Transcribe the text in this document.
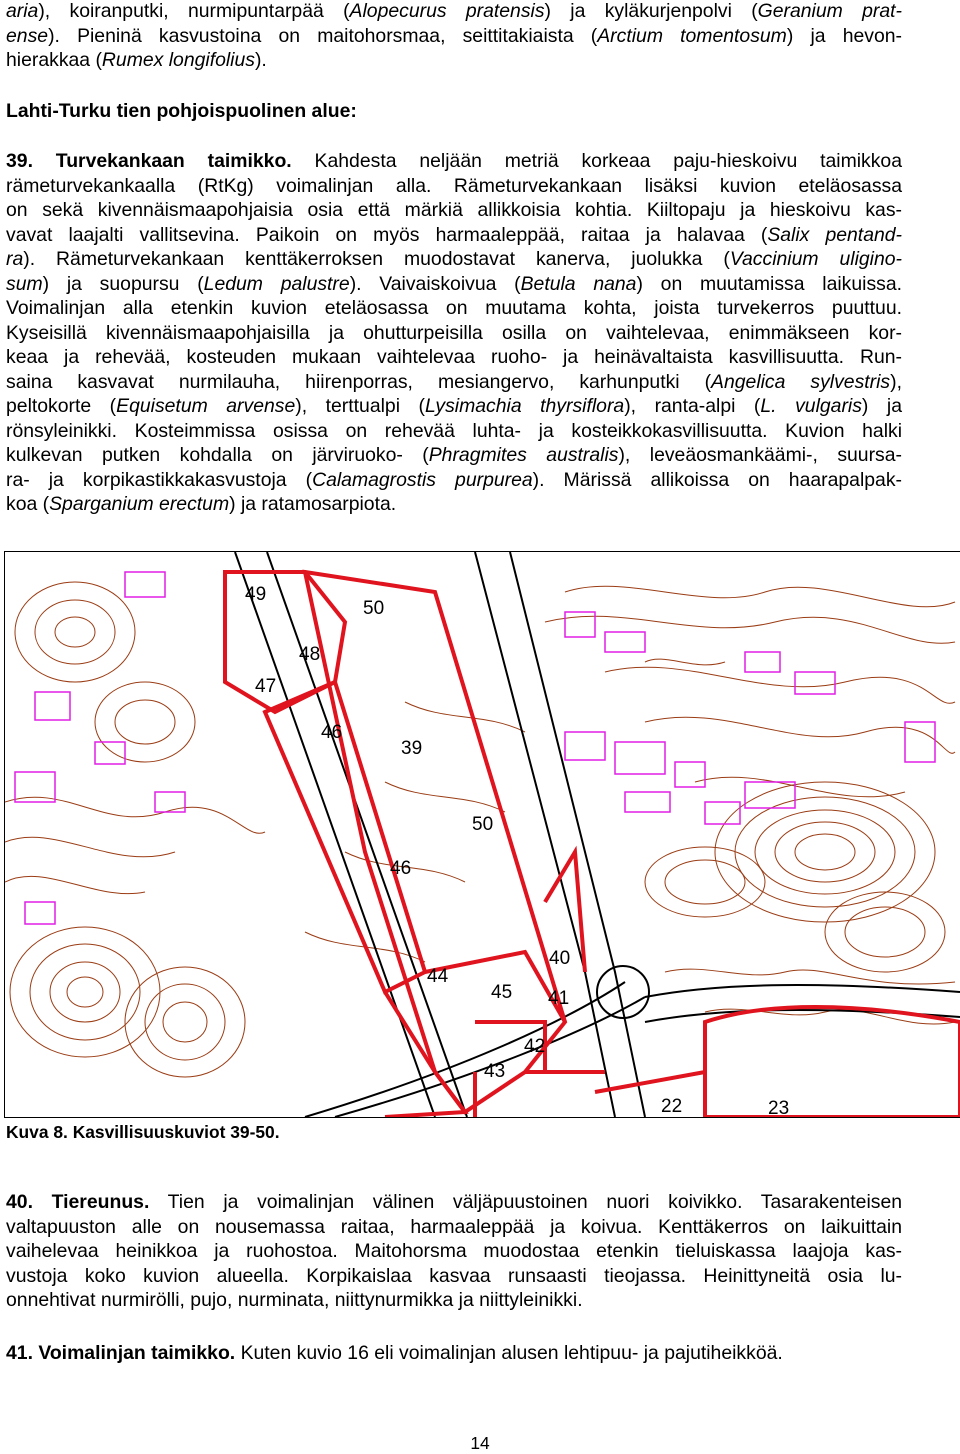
aria), koiranputki, nurmipuntarpää (Alopecurus pratensis) ja kyläkurjenpolvi (Geranium prat-
ense). Pieninä kasvustoina on maitohorsmaa, seittitakiaista (Arctium tomentosum) ja hevon-
hierakkaa (Rumex longifolius).
Lahti-Turku tien pohjoispuolinen alue:
39. Turvekankaan taimikko. Kahdesta neljään metriä korkeaa paju-hieskoivu taimikkoa
rämeturvekankaalla (RtKg) voimalinjan alla. Rämeturvekankaan lisäksi kuvion eteläosassa
on sekä kivennäismaapohjaisia osia että märkiä allikkoisia kohtia. Kiiltopaju ja hieskoivu kas-
vavat laajalti vallitsevina. Paikoin on myös harmaaleppää, raitaa ja halavaa (Salix pentand-
ra). Rämeturvekankaan kenttäkerroksen muodostavat kanerva, juolukka (Vaccinium uligino-
sum) ja suopursu (Ledum palustre). Vaivaiskoivua (Betula nana) on muutamissa laikuissa.
Voimalinjan alla etenkin kuvion eteläosassa on muutama kohta, joista turvekerros puuttuu.
Kyseisillä kivennäismaapohjaisilla ja ohutturpeisilla osilla on vaihtelevaa, enimmäkseen kor-
keaa ja rehevää, kosteuden mukaan vaihtelevaa ruoho- ja heinävaltaista kasvillisuutta. Run-
saina kasvavat nurmilauha, hiirenporras, mesiangervo, karhunputki (Angelica sylvestris),
peltokorte (Equisetum arvense), terttualpi (Lysimachia thyrsiflora), ranta-alpi (L. vulgaris) ja
rönsyleinikki. Kosteimmissa osissa on rehevää luhta- ja kosteikkokasvillisuutta. Kuvion halki
kulkevan putken kohdalla on järviruoko- (Phragmites australis), leveäosmankäämi-, suursa-
ra- ja korpikastikkakasvustoja (Calamagrostis purpurea). Märissä allikoissa on haarapalpak-
koa (Sparganium erectum) ja ratamosarpiota.
49
50
48
47
46
39
50
46
40
44
45 41
42
43
22	23
Kuva 8. Kasvillisuuskuviot 39-50.
40. Tiereunus. Tien ja voimalinjan välinen väljäpuustoinen nuori koivikko. Tasarakenteisen
valtapuuston alle on nousemassa raitaa, harmaaleppää ja koivua. Kenttäkerros on laikuittain
vaihelevaa heinikkoa ja ruohostoa. Maitohorsma muodostaa etenkin tieluiskassa laajoja kas-
vustoja koko kuvion alueella. Korpikaislaa kasvaa runsaasti tieojassa. Heinittyneitä osia lu-
onnehtivat nurmirölli, pujo, nurminata, niittynurmikka ja niittyleinikki.
41. Voimalinjan taimikko. Kuten kuvio 16 eli voimalinjan alusen lehtipuu- ja pajutiheikköä.
14
